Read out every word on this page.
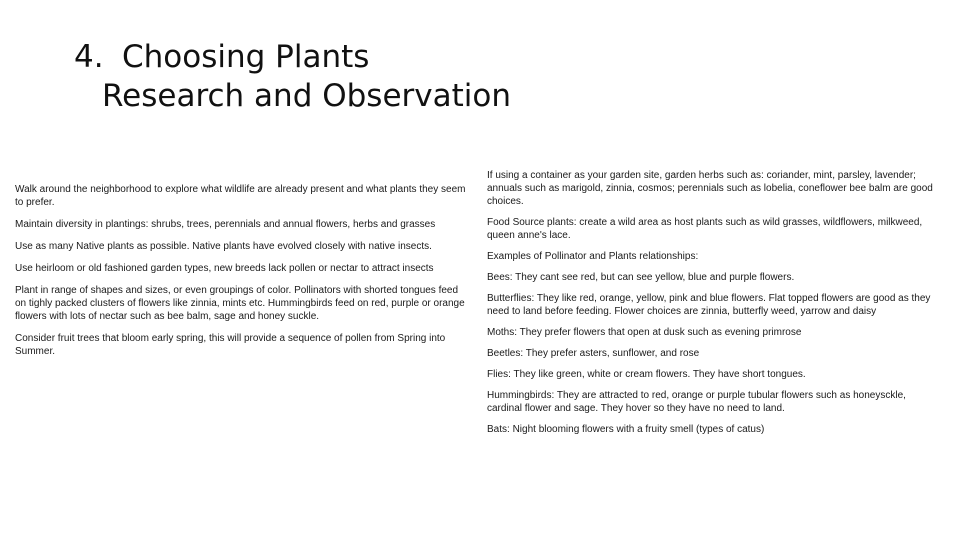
4. Choosing Plants
Research and Observation

Walk around the neighborhood to explore what wildlife are already present and what plants they seem to prefer.

Maintain diversity in plantings: shrubs, trees, perennials and annual flowers, herbs and grasses

Use as many Native plants as possible. Native plants have evolved closely with native insects.

Use heirloom or old fashioned garden types, new breeds lack pollen or nectar to attract insects

Plant in range of shapes and sizes, or even groupings of color. Pollinators with shorted tongues feed on tighly packed clusters of flowers like zinnia, mints etc. Hummingbirds feed on red, purple or orange flowers with lots of nectar such as bee balm, sage and honey suckle.

Consider fruit trees that bloom early spring, this will provide a sequence of pollen from Spring into Summer.

If using a container as your garden site, garden herbs such as: coriander, mint, parsley, lavender; annuals such as marigold, zinnia, cosmos; perennials such as lobelia, coneflower bee balm are good choices.

Food Source plants: create a wild area as host plants such as wild grasses, wildflowers, milkweed, queen anne's lace.

Examples of Pollinator and Plants relationships:

Bees: They cant see red, but can see yellow, blue and purple flowers.

Butterflies: They like red, orange, yellow, pink and blue flowers. Flat topped flowers are good as they need to land before feeding. Flower choices are zinnia, butterfly weed, yarrow and daisy

Moths: They prefer flowers that open at dusk such as evening primrose

Beetles: They prefer asters, sunflower, and rose

Flies: They like green, white or cream flowers. They have short tongues.

Hummingbirds: They are attracted to red, orange or purple tubular flowers such as honeysckle, cardinal flower and sage. They hover so they have no need to land.

Bats: Night blooming flowers with a fruity smell (types of catus)
